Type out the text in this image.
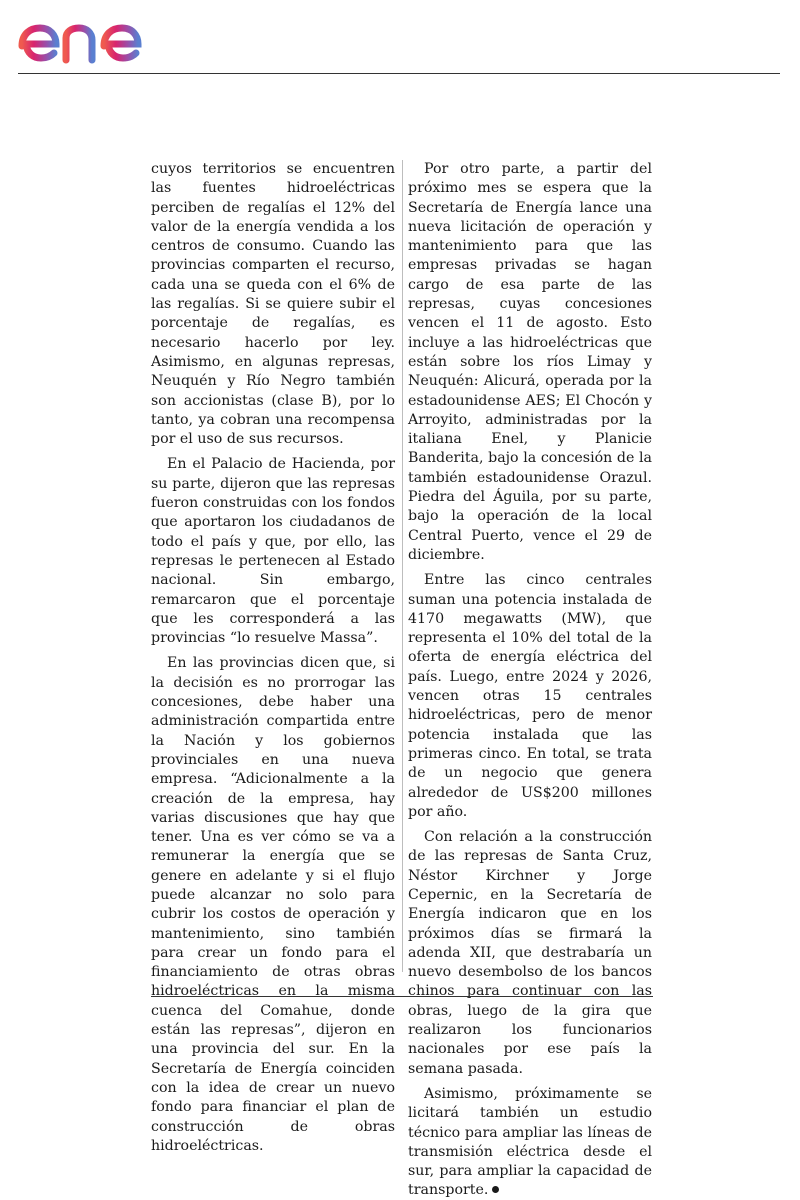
cuyos territorios se encuentren las fuentes hidroeléctricas perciben de regalías el 12% del valor de la energía vendida a los centros de consumo. Cuando las provincias comparten el recurso, cada una se queda con el 6% de las regalías. Si se quiere subir el porcentaje de regalías, es necesario hacerlo por ley. Asimismo, en algunas represas, Neuquén y Río Negro también son accionistas (clase B), por lo tanto, ya cobran una recompensa por el uso de sus recursos.

En el Palacio de Hacienda, por su parte, dijeron que las represas fueron construidas con los fondos que aportaron los ciudadanos de todo el país y que, por ello, las represas le pertenecen al Estado nacional. Sin embargo, remarcaron que el porcentaje que les corresponderá a las provincias “lo resuelve Massa”.

En las provincias dicen que, si la decisión es no prorrogar las concesiones, debe haber una administración compartida entre la Nación y los gobiernos provinciales en una nueva empresa. “Adicionalmente a la creación de la empresa, hay varias discusiones que hay que tener. Una es ver cómo se va a remunerar la energía que se genere en adelante y si el flujo puede alcanzar no solo para cubrir los costos de operación y mantenimiento, sino también para crear un fondo para el financiamiento de otras obras hidroeléctricas en la misma cuenca del Comahue, donde están las represas”, dijeron en una provincia del sur. En la Secretaría de Energía coinciden con la idea de crear un nuevo fondo para financiar el plan de construcción de obras hidroeléctricas.

Por otro parte, a partir del próximo mes se espera que la Secretaría de Energía lance una nueva licitación de operación y mantenimiento para que las empresas privadas se hagan cargo de esa parte de las represas, cuyas concesiones vencen el 11 de agosto. Esto incluye a las hidroeléctricas que están sobre los ríos Limay y Neuquén: Alicurá, operada por la estadounidense AES; El Chocón y Arroyito, administradas por la italiana Enel, y Planicie Banderita, bajo la concesión de la también estadounidense Orazul. Piedra del Águila, por su parte, bajo la operación de la local Central Puerto, vence el 29 de diciembre.

Entre las cinco centrales suman una potencia instalada de 4170 megawatts (MW), que representa el 10% del total de la oferta de energía eléctrica del país. Luego, entre 2024 y 2026, vencen otras 15 centrales hidroeléctricas, pero de menor potencia instalada que las primeras cinco. En total, se trata de un negocio que genera alrededor de US$200 millones por año.

Con relación a la construcción de las represas de Santa Cruz, Néstor Kirchner y Jorge Cepernic, en la Secretaría de Energía indicaron que en los próximos días se firmará la adenda XII, que destrabaría un nuevo desembolso de los bancos chinos para continuar con las obras, luego de la gira que realizaron los funcionarios nacionales por ese país la semana pasada.

Asimismo, próximamente se licitará también un estudio técnico para ampliar las líneas de transmisión eléctrica desde el sur, para ampliar la capacidad de transporte.
